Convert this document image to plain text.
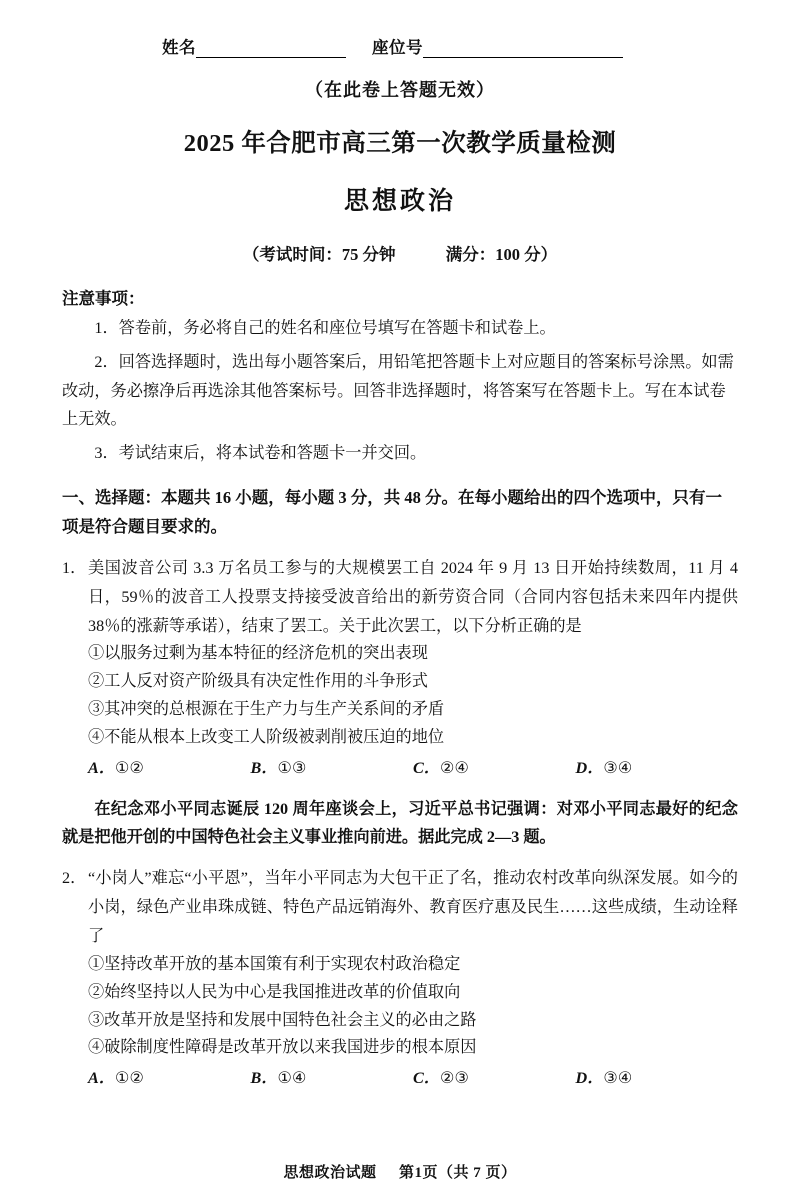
姓名	座位号
（在此卷上答题无效）
2025 年合肥市高三第一次教学质量检测
思想政治
（考试时间：75 分钟	满分：100 分）
注意事项：
1．答卷前，务必将自己的姓名和座位号填写在答题卡和试卷上。
2．回答选择题时，选出每小题答案后，用铅笔把答题卡上对应题目的答案标号涂黑。如需改动，务必擦净后再选涂其他答案标号。回答非选择题时，将答案写在答题卡上。写在本试卷上无效。
3．考试结束后，将本试卷和答题卡一并交回。
一、选择题：本题共 16 小题，每小题 3 分，共 48 分。在每小题给出的四个选项中，只有一项是符合题目要求的。
1． 美国波音公司 3.3 万名员工参与的大规模罢工自 2024 年 9 月 13 日开始持续数周，11 月 4 日，59％的波音工人投票支持接受波音给出的新劳资合同（合同内容包括未来四年内提供 38％的涨薪等承诺），结束了罢工。关于此次罢工，以下分析正确的是
①以服务过剩为基本特征的经济危机的突出表现
②工人反对资产阶级具有决定性作用的斗争形式
③其冲突的总根源在于生产力与生产关系间的矛盾
④不能从根本上改变工人阶级被剥削被压迫的地位
A．①②	B．①③	C．②④	D．③④
在纪念邓小平同志诞辰 120 周年座谈会上，习近平总书记强调：对邓小平同志最好的纪念就是把他开创的中国特色社会主义事业推向前进。据此完成 2—3 题。
2． “小岗人”难忘“小平恩”，当年小平同志为大包干正了名，推动农村改革向纵深发展。如今的小岗，绿色产业串珠成链、特色产品远销海外、教育医疗惠及民生……这些成绩，生动诠释了
①坚持改革开放的基本国策有利于实现农村政治稳定
②始终坚持以人民为中心是我国推进改革的价值取向
③改革开放是坚持和发展中国特色社会主义的必由之路
④破除制度性障碍是改革开放以来我国进步的根本原因
A．①②	B．①④	C．②③	D．③④
思想政治试题 第1页（共 7 页）
